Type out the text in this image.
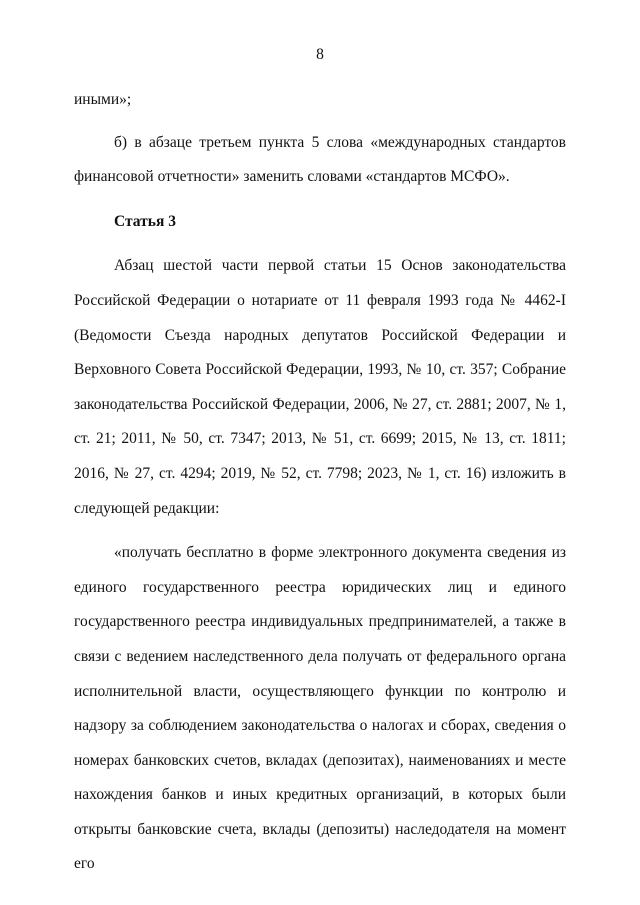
8

иными»;

б) в абзаце третьем пункта 5 слова «международных стандартов финансовой отчетности» заменить словами «стандартов МСФО».

Статья 3

Абзац шестой части первой статьи 15 Основ законодательства Российской Федерации о нотариате от 11 февраля 1993 года № 4462-I (Ведомости Съезда народных депутатов Российской Федерации и Верховного Совета Российской Федерации, 1993, № 10, ст. 357; Собрание законодательства Российской Федерации, 2006, № 27, ст. 2881; 2007, № 1, ст. 21; 2011, № 50, ст. 7347; 2013, № 51, ст. 6699; 2015, № 13, ст. 1811; 2016, № 27, ст. 4294; 2019, № 52, ст. 7798; 2023, № 1, ст. 16) изложить в следующей редакции:

«получать бесплатно в форме электронного документа сведения из единого государственного реестра юридических лиц и единого государственного реестра индивидуальных предпринимателей, а также в связи с ведением наследственного дела получать от федерального органа исполнительной власти, осуществляющего функции по контролю и надзору за соблюдением законодательства о налогах и сборах, сведения о номерах банковских счетов, вкладах (депозитах), наименованиях и месте нахождения банков и иных кредитных организаций, в которых были открыты банковские счета, вклады (депозиты) наследодателя на момент его
